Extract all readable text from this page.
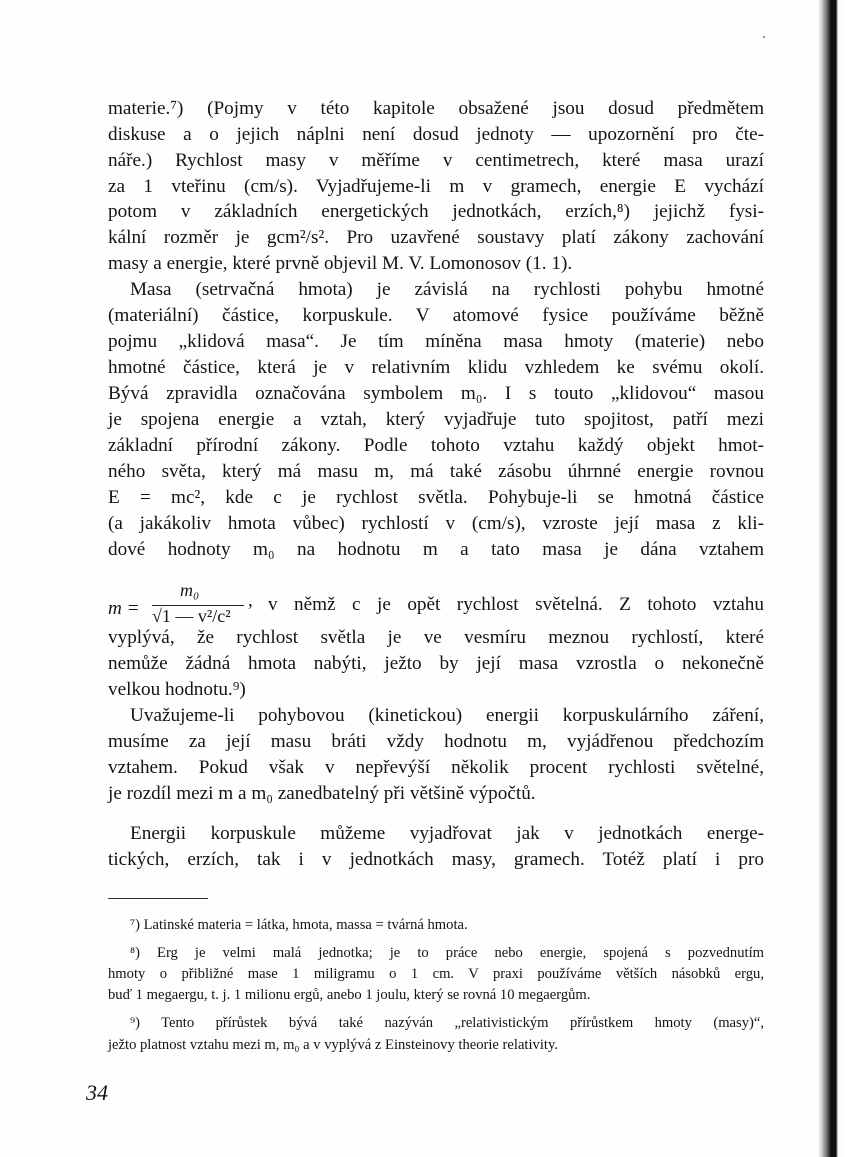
materie.⁷) (Pojmy v této kapitole obsažené jsou dosud předmětem
diskuse a o jejich náplni není dosud jednoty — upozornění pro čte-
náře.) Rychlost masy v měříme v centimetrech, které masa urazí
za 1 vteřinu (cm/s). Vyjadřujeme-li m v gramech, energie E vychází
potom v základních energetických jednotkách, erzích,⁸) jejichž fysi-
kální rozměr je gcm²/s². Pro uzavřené soustavy platí zákony zachování
masy a energie, které prvně objevil M. V. Lomonosov (1. 1).
Masa (setrvačná hmota) je závislá na rychlosti pohybu hmotné
(materiální) částice, korpuskule. V atomové fysice používáme běžně
pojmu „klidová masa“. Je tím míněna masa hmoty (materie) nebo
hmotné částice, která je v relativním klidu vzhledem ke svému okolí.
Bývá zpravidla označována symbolem m₀. I s touto „klidovou“ masou
je spojena energie a vztah, který vyjadřuje tuto spojitost, patří mezi
základní přírodní zákony. Podle tohoto vztahu každý objekt hmot-
ného světa, který má masu m, má také zásobu úhrnné energie rovnou
E = mc², kde c je rychlost světla. Pohybuje-li se hmotná částice
(a jakákoliv hmota vůbec) rychlostí v (cm/s), vzroste její masa z kli-
dové hodnoty m₀ na hodnotu m a tato masa je dána vztahem
m =
m₀
√1 — v²/c²
, v němž c je opět rychlost světelná. Z tohoto vztahu
vyplývá, že rychlost světla je ve vesmíru meznou rychlostí, které
nemůže žádná hmota nabýti, ježto by její masa vzrostla o nekonečně
velkou hodnotu.⁹)
Uvažujeme-li pohybovou (kinetickou) energii korpuskulárního záření,
musíme za její masu bráti vždy hodnotu m, vyjádřenou předchozím
vztahem. Pokud však v nepřevýší několik procent rychlosti světelné,
je rozdíl mezi m a m₀ zanedbatelný při většině výpočtů.
Energii korpuskule můžeme vyjadřovat jak v jednotkách energe-
tických, erzích, tak i v jednotkách masy, gramech. Totéž platí i pro
⁷) Latinské materia = látka, hmota, massa = tvárná hmota.
⁸) Erg je velmi malá jednotka; je to práce nebo energie, spojená s pozvednutím
hmoty o přibližné mase 1 miligramu o 1 cm. V praxi používáme větších násobků ergu,
buď 1 megaergu, t. j. 1 milionu ergů, anebo 1 joulu, který se rovná 10 megaergům.
⁹) Tento přírůstek bývá také nazýván „relativistickým přírůstkem hmoty (masy)“,
ježto platnost vztahu mezi m, m₀ a v vyplývá z Einsteinovy theorie relativity.
34
